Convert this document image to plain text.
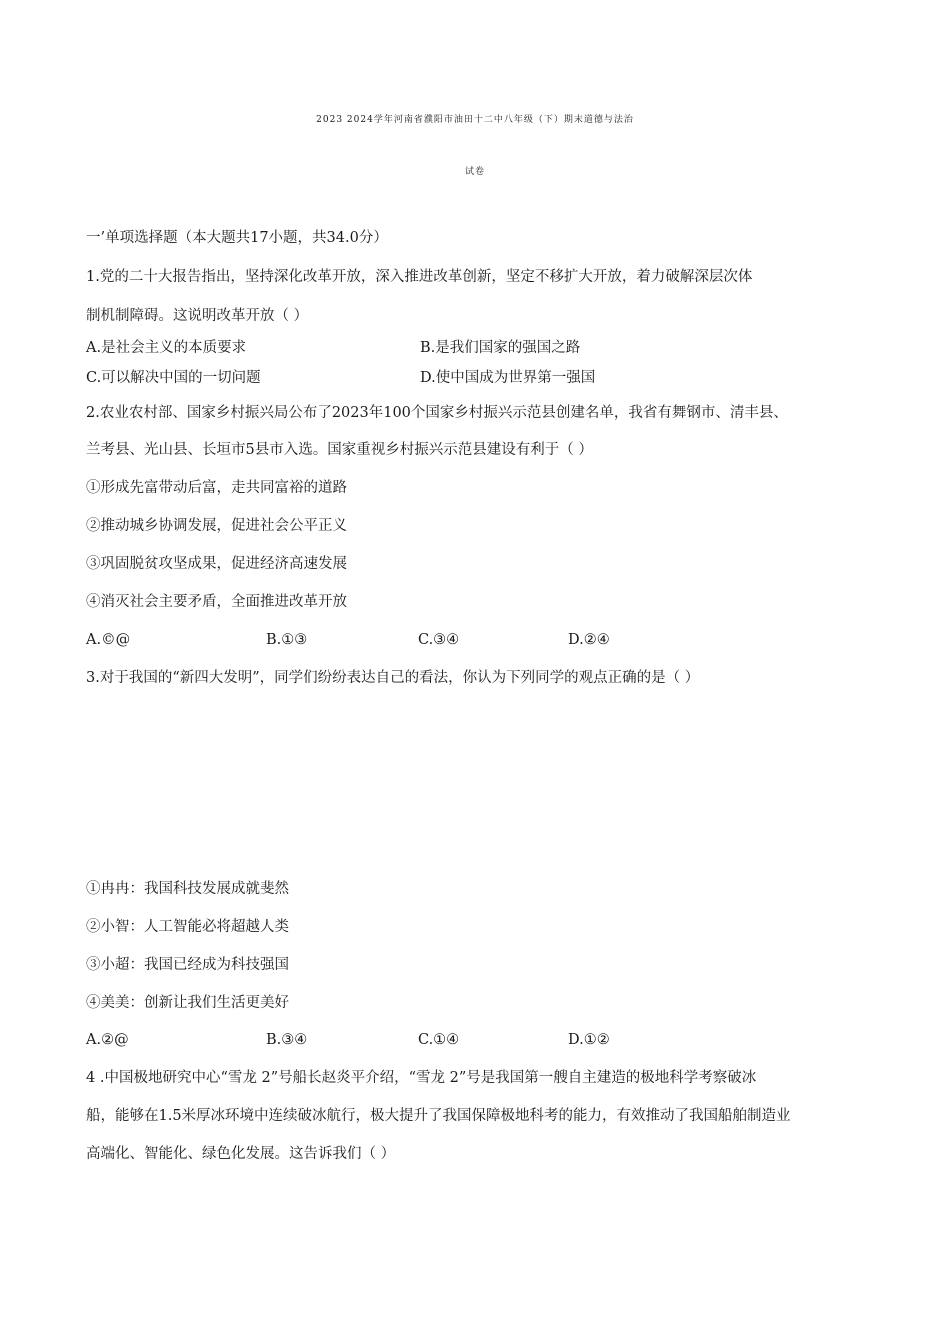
2023 2024学年河南省濮阳市油田十二中八年级（下）期末道德与法治
试卷
一’单项选择题（本大题共17小题，共34.0分）
1.党的二十大报告指出，坚持深化改革开放，深入推进改革创新，坚定不移扩大开放，着力破解深层次体
制机制障碍。这说明改革开放（ ）
A.是社会主义的本质要求	B.是我们国家的强国之路
C.可以解决中国的一切问题	D.使中国成为世界第一强国
2.农业农村部、国家乡村振兴局公布了2023年100个国家乡村振兴示范县创建名单，我省有舞钢市、清丰县、
兰考县、光山县、长垣市5县市入选。国家重视乡村振兴示范县建设有利于（ ）
①形成先富带动后富，走共同富裕的道路
②推动城乡协调发展，促进社会公平正义
③巩固脱贫攻坚成果，促进经济高速发展
④消灭社会主要矛盾，全面推进改革开放
A.©@	B.①③	C.③④	D.②④
3.对于我国的“新四大发明”，同学们纷纷表达自己的看法，你认为下列同学的观点正确的是（ ）
①冉冉：我国科技发展成就斐然
②小智：人工智能必将超越人类
③小超：我国已经成为科技强国
④美美：创新让我们生活更美好
A.②@	B.③④	C.①④	D.①②
4 .中国极地研究中心“雪龙 2”号船长赵炎平介绍，“雪龙 2”号是我国第一艘自主建造的极地科学考察破冰
船，能够在1.5米厚冰环境中连续破冰航行，极大提升了我国保障极地科考的能力，有效推动了我国船舶制造业
高端化、智能化、绿色化发展。这告诉我们（ ）
